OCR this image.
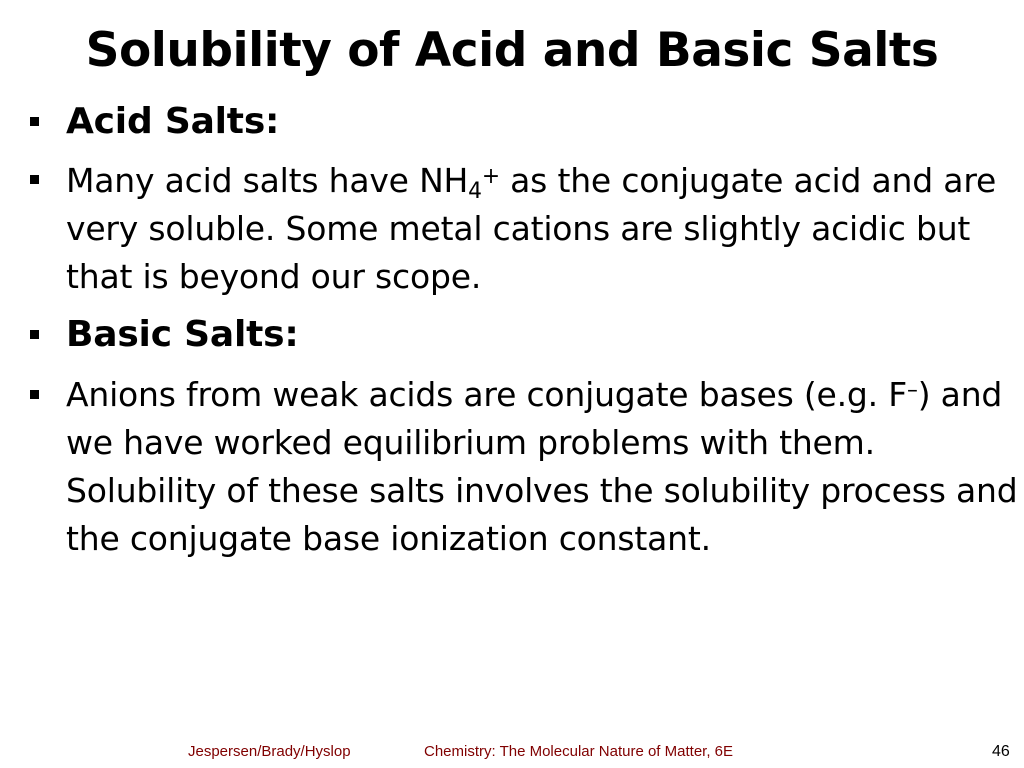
Solubility of Acid and Basic Salts
Acid Salts:
Many acid salts have $NH_4^+$ as the conjugate acid and are very soluble. Some metal cations are slightly acidic but that is beyond our scope.
Basic Salts:
Anions from weak acids are conjugate bases (e.g. F–) and we have worked equilibrium problems with them. Solubility of these salts involves the solubility process and the conjugate base ionization constant.
Jespersen/Brady/Hyslop	Chemistry: The Molecular Nature of Matter, 6E	46
